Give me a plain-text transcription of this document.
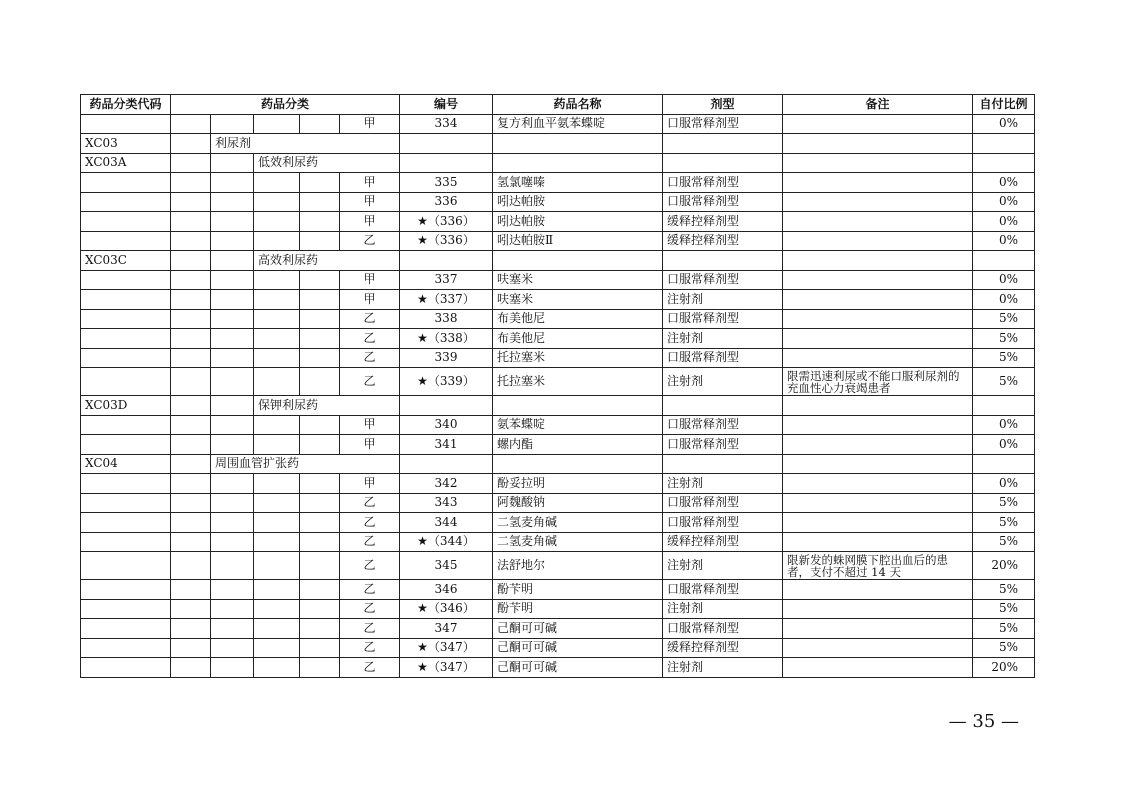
药品分类代码	药品分类					编号	药品名称	剂型	备注	自付比例
					甲	334	复方利血平氨苯蝶啶	口服常释剂型		0%
XC03		利尿剂								
XC03A			低效利尿药							
					甲	335	氢氯噻嗪	口服常释剂型		0%
					甲	336	吲达帕胺	口服常释剂型		0%
					甲	★（336）	吲达帕胺	缓释控释剂型		0%
					乙	★（336）	吲达帕胺Ⅱ	缓释控释剂型		0%
XC03C			高效利尿药							
					甲	337	呋塞米	口服常释剂型		0%
					甲	★（337）	呋塞米	注射剂		0%
					乙	338	布美他尼	口服常释剂型		5%
					乙	★（338）	布美他尼	注射剂		5%
					乙	339	托拉塞米	口服常释剂型		5%
					乙	★（339）	托拉塞米	注射剂	限需迅速利尿或不能口服利尿剂的充血性心力衰竭患者	5%
XC03D			保钾利尿药							
					甲	340	氨苯蝶啶	口服常释剂型		0%
					甲	341	螺内酯	口服常释剂型		0%
XC04		周围血管扩张药								
					甲	342	酚妥拉明	注射剂		0%
					乙	343	阿魏酸钠	口服常释剂型		5%
					乙	344	二氢麦角碱	口服常释剂型		5%
					乙	★（344）	二氢麦角碱	缓释控释剂型		5%
					乙	345	法舒地尔	注射剂	限新发的蛛网膜下腔出血后的患者，支付不超过 14 天	20%
					乙	346	酚苄明	口服常释剂型		5%
					乙	★（346）	酚苄明	注射剂		5%
					乙	347	己酮可可碱	口服常释剂型		5%
					乙	★（347）	己酮可可碱	缓释控释剂型		5%
					乙	★（347）	己酮可可碱	注射剂		20%
— 35 —
